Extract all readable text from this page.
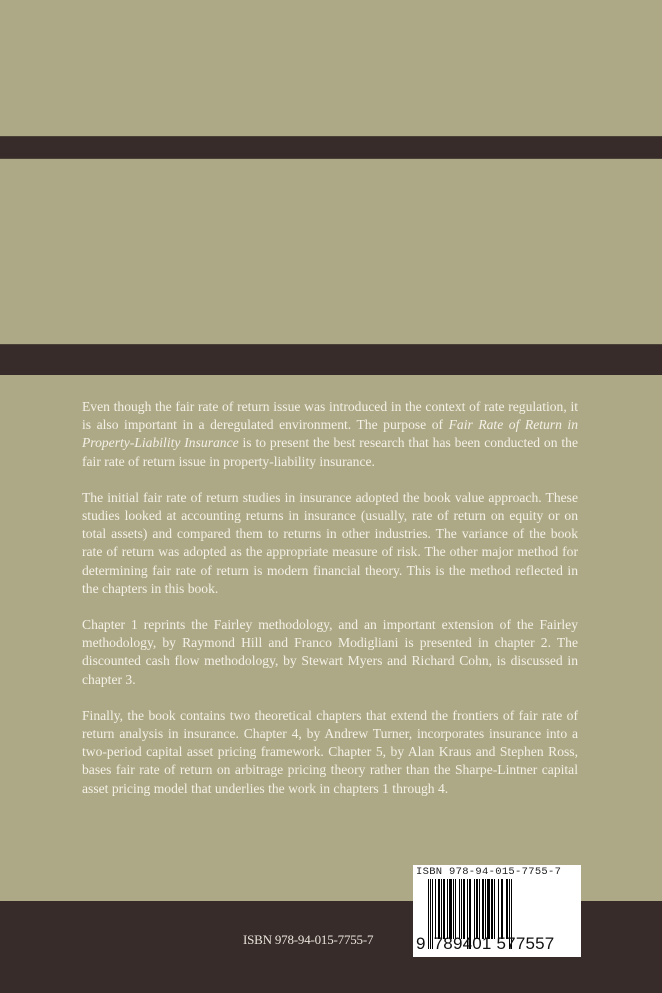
Even though the fair rate of return issue was introduced in the context of rate regulation, it is also important in a deregulated environment. The purpose of Fair Rate of Return in Property-Liability Insurance is to present the best research that has been conducted on the fair rate of return issue in property-liability insurance.

The initial fair rate of return studies in insurance adopted the book value approach. These studies looked at accounting returns in insurance (usually, rate of return on equity or on total assets) and compared them to returns in other industries. The variance of the book rate of return was adopted as the appropriate measure of risk. The other major method for determining fair rate of return is modern financial theory. This is the method reflected in the chapters in this book.

Chapter 1 reprints the Fairley methodology, and an important extension of the Fairley methodology, by Raymond Hill and Franco Modigliani is presented in chapter 2. The discounted cash flow methodology, by Stewart Myers and Richard Cohn, is discussed in chapter 3.

Finally, the book contains two theoretical chapters that extend the frontiers of fair rate of return analysis in insurance. Chapter 4, by Andrew Turner, incorporates insurance into a two-period capital asset pricing framework. Chapter 5, by Alan Kraus and Stephen Ross, bases fair rate of return on arbitrage pricing theory rather than the Sharpe-Lintner capital asset pricing model that underlies the work in chapters 1 through 4.

ISBN 978-94-015-7755-7
ISBN 978-94-015-7755-7
9 789401 577557
